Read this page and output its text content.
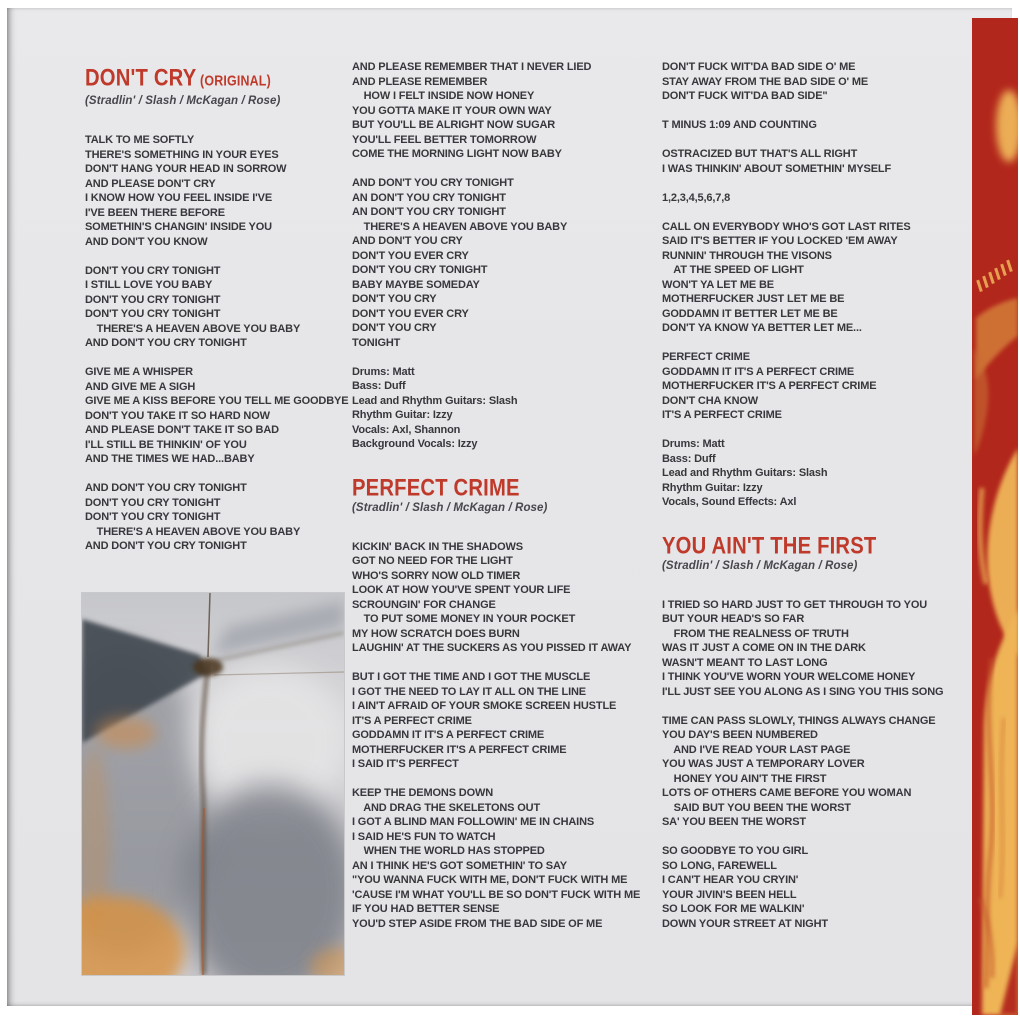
DON'T CRY (ORIGINAL)
(Stradlin' / Slash / McKagan / Rose)
TALK TO ME SOFTLY
THERE'S SOMETHING IN YOUR EYES
DON'T HANG YOUR HEAD IN SORROW
AND PLEASE DON'T CRY
I KNOW HOW YOU FEEL INSIDE I'VE
I'VE BEEN THERE BEFORE
SOMETHIN'S CHANGIN' INSIDE YOU
AND DON'T YOU KNOW
DON'T YOU CRY TONIGHT
I STILL LOVE YOU BABY
DON'T YOU CRY TONIGHT
DON'T YOU CRY TONIGHT
THERE'S A HEAVEN ABOVE YOU BABY
AND DON'T YOU CRY TONIGHT
GIVE ME A WHISPER
AND GIVE ME A SIGH
GIVE ME A KISS BEFORE YOU TELL ME GOODBYE
DON'T YOU TAKE IT SO HARD NOW
AND PLEASE DON'T TAKE IT SO BAD
I'LL STILL BE THINKIN' OF YOU
AND THE TIMES WE HAD...BABY
AND DON'T YOU CRY TONIGHT
DON'T YOU CRY TONIGHT
DON'T YOU CRY TONIGHT
THERE'S A HEAVEN ABOVE YOU BABY
AND DON'T YOU CRY TONIGHT
AND PLEASE REMEMBER THAT I NEVER LIED
AND PLEASE REMEMBER
HOW I FELT INSIDE NOW HONEY
YOU GOTTA MAKE IT YOUR OWN WAY
BUT YOU'LL BE ALRIGHT NOW SUGAR
YOU'LL FEEL BETTER TOMORROW
COME THE MORNING LIGHT NOW BABY
AND DON'T YOU CRY TONIGHT
AN DON'T YOU CRY TONIGHT
AN DON'T YOU CRY TONIGHT
THERE'S A HEAVEN ABOVE YOU BABY
AND DON'T YOU CRY
DON'T YOU EVER CRY
DON'T YOU CRY TONIGHT
BABY MAYBE SOMEDAY
DON'T YOU CRY
DON'T YOU EVER CRY
DON'T YOU CRY
TONIGHT
Drums: Matt
Bass: Duff
Lead and Rhythm Guitars: Slash
Rhythm Guitar: Izzy
Vocals: Axl, Shannon
Background Vocals: Izzy
PERFECT CRIME
(Stradlin' / Slash / McKagan / Rose)
KICKIN' BACK IN THE SHADOWS
GOT NO NEED FOR THE LIGHT
WHO'S SORRY NOW OLD TIMER
LOOK AT HOW YOU'VE SPENT YOUR LIFE
SCROUNGIN' FOR CHANGE
TO PUT SOME MONEY IN YOUR POCKET
MY HOW SCRATCH DOES BURN
LAUGHIN' AT THE SUCKERS AS YOU PISSED IT AWAY
BUT I GOT THE TIME AND I GOT THE MUSCLE
I GOT THE NEED TO LAY IT ALL ON THE LINE
I AIN'T AFRAID OF YOUR SMOKE SCREEN HUSTLE
IT'S A PERFECT CRIME
GODDAMN IT IT'S A PERFECT CRIME
MOTHERFUCKER IT'S A PERFECT CRIME
I SAID IT'S PERFECT
KEEP THE DEMONS DOWN
AND DRAG THE SKELETONS OUT
I GOT A BLIND MAN FOLLOWIN' ME IN CHAINS
I SAID HE'S FUN TO WATCH
WHEN THE WORLD HAS STOPPED
AN I THINK HE'S GOT SOMETHIN' TO SAY
"YOU WANNA FUCK WITH ME, DON'T FUCK WITH ME
'CAUSE I'M WHAT YOU'LL BE SO DON'T FUCK WITH ME
IF YOU HAD BETTER SENSE
YOU'D STEP ASIDE FROM THE BAD SIDE OF ME
DON'T FUCK WIT'DA BAD SIDE O' ME
STAY AWAY FROM THE BAD SIDE O' ME
DON'T FUCK WIT'DA BAD SIDE"
T MINUS 1:09 AND COUNTING
OSTRACIZED BUT THAT'S ALL RIGHT
I WAS THINKIN' ABOUT SOMETHIN' MYSELF
1,2,3,4,5,6,7,8
CALL ON EVERYBODY WHO'S GOT LAST RITES
SAID IT'S BETTER IF YOU LOCKED 'EM AWAY
RUNNIN' THROUGH THE VISONS
AT THE SPEED OF LIGHT
WON'T YA LET ME BE
MOTHERFUCKER JUST LET ME BE
GODDAMN IT BETTER LET ME BE
DON'T YA KNOW YA BETTER LET ME...
PERFECT CRIME
GODDAMN IT IT'S A PERFECT CRIME
MOTHERFUCKER IT'S A PERFECT CRIME
DON'T CHA KNOW
IT'S A PERFECT CRIME
Drums: Matt
Bass: Duff
Lead and Rhythm Guitars: Slash
Rhythm Guitar: Izzy
Vocals, Sound Effects: Axl
YOU AIN'T THE FIRST
(Stradlin' / Slash / McKagan / Rose)
I TRIED SO HARD JUST TO GET THROUGH TO YOU
BUT YOUR HEAD'S SO FAR
FROM THE REALNESS OF TRUTH
WAS IT JUST A COME ON IN THE DARK
WASN'T MEANT TO LAST LONG
I THINK YOU'VE WORN YOUR WELCOME HONEY
I'LL JUST SEE YOU ALONG AS I SING YOU THIS SONG
TIME CAN PASS SLOWLY, THINGS ALWAYS CHANGE
YOU DAY'S BEEN NUMBERED
AND I'VE READ YOUR LAST PAGE
YOU WAS JUST A TEMPORARY LOVER
HONEY YOU AIN'T THE FIRST
LOTS OF OTHERS CAME BEFORE YOU WOMAN
SAID BUT YOU BEEN THE WORST
SA' YOU BEEN THE WORST
SO GOODBYE TO YOU GIRL
SO LONG, FAREWELL
I CAN'T HEAR YOU CRYIN'
YOUR JIVIN'S BEEN HELL
SO LOOK FOR ME WALKIN'
DOWN YOUR STREET AT NIGHT
